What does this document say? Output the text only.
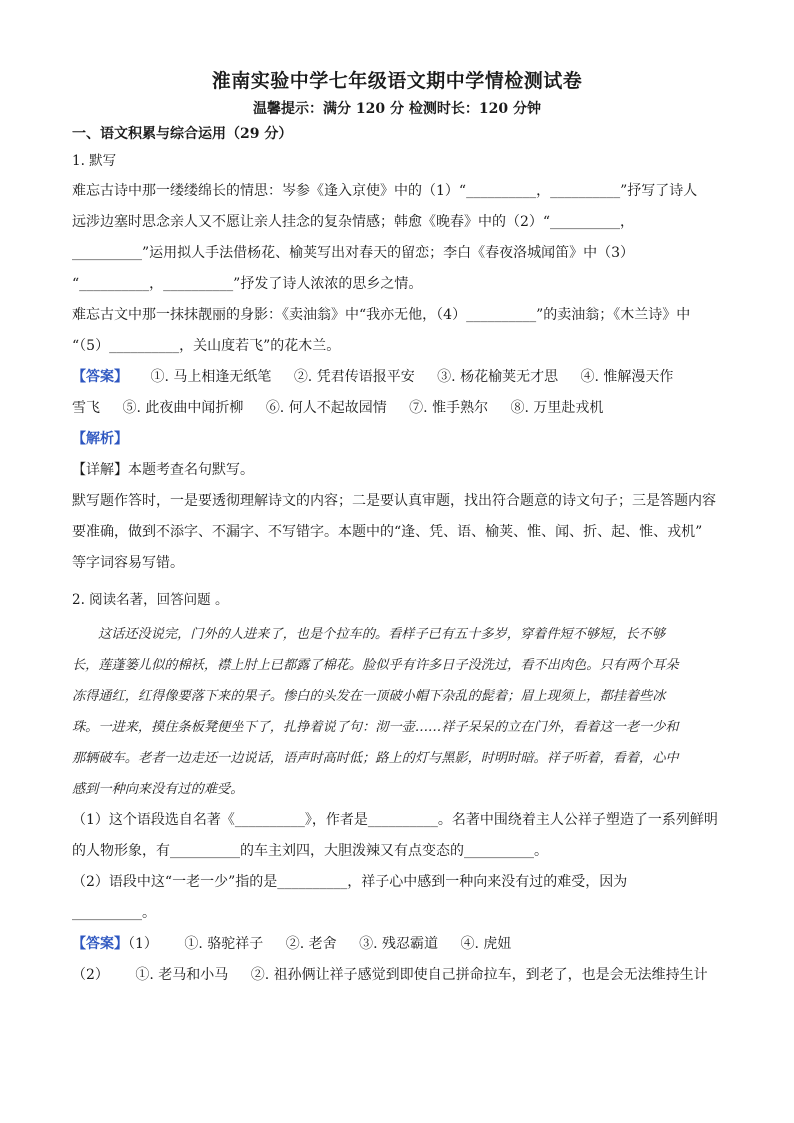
淮南实验中学七年级语文期中学情检测试卷
温馨提示：满分 120 分 检测时长：120 分钟
一、语文积累与综合运用（29 分）
1. 默写
难忘古诗中那一缕缕绵长的情思：岑参《逢入京使》中的（1）“__________，__________”抒写了诗人
远涉边塞时思念亲人又不愿让亲人挂念的复杂情感；韩愈《晚春》中的（2）“__________，
__________”运用拟人手法借杨花、榆荚写出对春天的留恋；李白《春夜洛城闻笛》中（3）
“__________，__________”抒发了诗人浓浓的思乡之情。
难忘古文中那一抹抹靓丽的身影：《卖油翁》中“我亦无他，（4）__________”的卖油翁；《木兰诗》中
“（5）__________，关山度若飞”的花木兰。
【答案】 ①. 马上相逢无纸笔 ②. 凭君传语报平安 ③. 杨花榆荚无才思 ④. 惟解漫天作
雪飞 ⑤. 此夜曲中闻折柳 ⑥. 何人不起故园情 ⑦. 惟手熟尔 ⑧. 万里赴戎机
【解析】
【详解】本题考查名句默写。
默写题作答时，一是要透彻理解诗文的内容；二是要认真审题，找出符合题意的诗文句子；三是答题内容
要准确，做到不添字、不漏字、不写错字。本题中的“逢、凭、语、榆荚、惟、闻、折、起、惟、戎机”
等字词容易写错。
2. 阅读名著，回答问题 。
这话还没说完，门外的人进来了，也是个拉车的。看样子已有五十多岁，穿着件短不够短，长不够
长，莲蓬篓儿似的棉袄，襟上肘上已都露了棉花。脸似乎有许多日子没洗过，看不出肉色。只有两个耳朵
冻得通红，红得像要落下来的果子。惨白的头发在一顶破小帽下杂乱的髭着；眉上现须上，都挂着些冰
珠。一进来，摸住条板凳便坐下了，扎挣着说了句：沏一壶……祥子呆呆的立在门外，看着这一老一少和
那辆破车。老者一边走还一边说话，语声时高时低；路上的灯与黑影，时明时暗。祥子听着，看着，心中
感到一种向来没有过的难受。
（1）这个语段选自名著《__________》，作者是__________。名著中围绕着主人公祥子塑造了一系列鲜明
的人物形象，有__________的车主刘四，大胆泼辣又有点变态的__________。
（2）语段中这“一老一少”指的是__________，祥子心中感到一种向来没有过的难受，因为
__________。
【答案】（1） ①. 骆驼祥子 ②. 老舍 ③. 残忍霸道 ④. 虎妞
（2） ①. 老马和小马 ②. 祖孙俩让祥子感觉到即使自己拼命拉车，到老了，也是会无法维持生计
